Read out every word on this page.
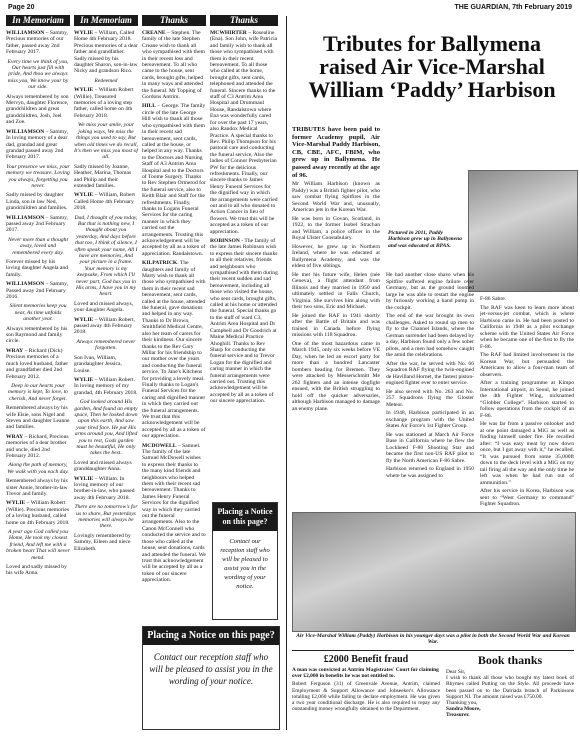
Page 20	THE GUARDIAN, 7th February 2019
In Memoriam	In Memoriam	Thanks	Thanks

WILLIAMSON – Sammy, Precious memories of our father, passed away 2nd February 2017.

Every time we think of you, Our hearts just fill with pride, And thou we always miss you, We know your by our side.

Always remembered by son Mervyn, daughter Florence, grandchildren and great grandchildren, Josh, Joel and Zoe.

WILLIAMSON – Sammy, In loving memory of a dear dad, grandad and great grandad passed away 2nd February 2017.

Your presence we miss, your memory we treasure. Loving you always, forgetting you never.

Sadly missed by daughter Linda, son in law Ned, grandchildren and families.

WILLIAMSON – Sammy, passed away 2nd February 2017.

Never more than a thought away, loved and remembered every day.

Forever missed by his loving daughter Angela and family.

WILLIAMSON – Sammy, Passed away 2nd February 2016.

Silent memories keep you near, As time unfolds another year.

Always remembered by his son Raymond and family circle.

WRAY – Richard (Dick) Precious memories of a much loved husband, father and grandfather died 2nd February 2012.

Deep in our hearts your memory is kept, To love, to cherish, And never forget.

Remembered always by his wife Elsie, sons Nigel and Steven and daughter Leanne and families.

WRAY – Richard, Precious memories of a dear brother and uncle, died 2nd February 2012.

Along the path of memory, We walk with you each day.

Remembered always by his sister Annie, brother-in-law Trevor and family.

WYLIE – William Robert (Willie). Precious memories of a loving husband, called home on 4th February 2018.

A year ago God called you Home, He took my closest friend, And left me with a broken heart That will never mend.

Loved and sadly missed by his wife Anna.

WYLIE – William, Called Home 4th February 2018. Precious memories of a dear father and grandfather. Sadly missed by his daughter Sharon, son-in-law Nicky and grandson Rico.

Redeemed

WYLIE – William Robert (Willie), Treasured memories of a loving step father, called home on 4th February 2018.

We miss your smile, your joking ways, We miss the things you used to say, But when old times we do recall, It's then we miss you most of all.

Sadly missed by Joanne, Heather, Marina, Thomas and Philip and their extended families.

WYLIE – William, Robert Called Home 4th February 2018.

Dad, I thought of you today, But that is nothing new, I thought about you yesterday, And days before that too, I think of silence, I often speak your name, All I have are memories, And your picture in a frame. Your memory is my keepsake, From which I'll never part, God has you in His arms, I have you in my heart.

Loved and missed always, your daughter Angela.

WYLIE – William Robert, passed away 4th February 2018.

Always remembered never forgotten.

Son Ivan, William, grandaughter Jessica, Louise.

WYLIE – William Robert. In loving memory of my grandad, 4th February 2018.

God looked around His garden, And found an empty space, Then he looked down upon this earth, And saw your tired face. He put His arms around you, And lifted you to rest, Gods garden must be beautiful, He only takes the best.

Loved and missed always granddaughter Anna.

WYLIE – William. In loving memory of our brother-in-law, who passed away 4th February 2018.

There are no tomorrow's for us to share, But yesterdays memories will always be there.

Lovingly remembered by Sammy, Eileen and niece Elizabeth.

CREANE – Stephen. The family of the late Stephen Creane wish to thank all who sympathised with them in their recent loss and bereavement. To all who came to the house, sent cards, brought gifts, helped in many ways and attended the funeral. Mr Topping of Gordons Antrim.

HILL – George. The family circle of the late George Hill wish to thank all those who sympathised with them in their recent sad bereavement, sent cards, called at the house, or helped in any way. Thanks to the Doctors and Nursing Staff of A3 Antrim Area Hospital and to the Doctors of Toome Surgery. Thanks to Rev Stephen Ormerod for the funeral service, also to Keith Blair and Staff for the refreshments. Finally, thanks to Logans Funeral Services for the caring manner in which they carried out the arrangements. Trusting this acknowledgement will be accepted by all as a token of appreciation. Randalstown.

KILPATRICK. The daughters and family of Marty wish to thank all those who sympathised with them in their recent sad bereavement, sent cards, called at the house, attended the funeral, gave donations and helped in any way. Thanks to Dr Brown, Smithfield Medical Centre, also her team of carers for their kindness. Our sincere thanks to the Rev Gary Millar for his friendship to our mother over the years and conducting the funeral service. To Jane's Kitchens for providing a lovely meal. Finally thanks to Logan's Funeral Services for the caring and dignified manner in which they carried out the funeral arrangements. We trust that this acknowledgement will be accepted by all as a token of our appreciation.

MCDOWELL – Samuel. The family of the late Samuel McDowell wishes to express their thanks to the many kind friends and neighbours who helped them with their recent sad bereavement. Thanks to James Henry Funeral Services for the dignified way in which they carried out the funeral arrangements. Also to the Canon McConnell who conducted the service and to those who called at the house, sent donations, cards and attended the funeral. We trust this acknowledgement will be accepted by all as a token of our sincere appreciation.

MCWHIRTER – Rosealine (Ena). Son John, wife Patricia and family wish to thank all those who sympathised with them in their recent bereavement. To all those who called at the home, brought gifts, sent cards, telephoned and attended the funeral. Sincere thanks to the staff of C3 Antrim Area Hospital and Drummaul House, Randalstown where Ena was wonderfully cared for over the past 17 years, also Randox Medical Practice. A special thanks to Rev. Philip Thompson for his pastoral care and conducting the funeral service, Also the ladies of Connor Presbyterian PW for the delicious refreshments. Finally, our sincere thanks to James Henry Funeral Services for the dignified way in which the arrangements were carried out and to all who donated to Action Cancer in lieu of flowers. We trust this will be accepted as a token of our appreciation.

ROBINSON - The family of the late James Robinson wish to express their sincere thanks to all their relatives, friends and neighbours who sympathised with them during their recent sudden and sad bereavement, including all those who visited the house, who sent cards, brought gifts, called at his home or attended the funeral. Special thanks go to the staff of ward C3, Antrim Area Hospital and Dr Campbell and Dr Goodrich at Maine Medical Practice Ahoghill. Thanks to Rev Sharp for conducting the funeral service and to Trevor Logan for the dignified and caring manner in which the funeral arrangements were carried out. Trusting this acknowledgement will be accepted by all as a token of our sincere appreciation.

Placing a Notice on this page?
Contact our reception staff who will be pleased to assist you in the wording of your notice.
Placing a Notice on this page?
Contact our reception staff who will be pleased to assist you in the wording of your notice.
Tributes for Ballymena raised Air Vice-Marshal William ‘Paddy’ Harbison
Pictured in 2011, Paddy Harbison grew up in Ballymena and was educated at BPAS.

TRIBUTES have been paid to former Academy pupil, Air Vice-Marshal Paddy Harbison, CB, CBE, AFC, FBIM, who grew up in Ballymena. He passed away recently at the age of 96.

Mr William Harbison (known as Paddy) was a British fighter pilot, who saw combat flying Spitfires in the Second World War and, unusually, American jets in the Korean War.

He was born in Govan, Scotland, in 1922, to the former Isobel Strachan and William, a police officer in the Royal Ulster Constabulary.

However, he grew up in Northern Ireland, where he was educated at Ballymena Academy, and was the eldest of five siblings.

He met his future wife, Helen (née Geneva), a flight attendant from Illinois and they married in 1950 and ultimately settled in Falls Church, Virginia. She survives him along with their two sons, Eric and Michael.

He joined the RAF in 1941 shortly after the Battle of Britain and was trained in Canada before flying missions with 118 Squadron.

One of the most hazardous came in March 1945, only six weeks before VE Day, when he led an escort party for more than a hundred Lancaster bombers heading for Bremen. They were attacked by Messerschmitt Me 262 fighters and an intense dogfight ensued, with the British struggling to hold off the quicker adversaries, although Harbison managed to damage an enemy plane.

He had another close shave when his Spitfire suffered engine failure over Germany, but as the ground loomed large he was able to restart the engine by furiously working a hand pump in the cockpit.

The end of the war brought its own challenges. Asked to round up men to fly to the Channel Islands, where the German surrender had been delayed by a day, Harbison found only a few sober pilots, and a men had somehow caught the amid the celebrations.

After the war, he served with No. 66 Squadron RAF flying the twin-engined de Havilland Hornet, the fastest piston-engined fighter ever to enter service.

He also served with No. 263 and No. 257 Squadrons flying the Gloster Meteor.

In 1948, Harbison participated in an exchange program with the United States Air Force's 1st Fighter Group.

He was stationed at March Air Force Base in California where he flew the Lockheed F-80 Shooting Star and became the first non-US RAF pilot to fly the North American F-86 Sabre.

Harbison returned to England in 1950 where he was assigned to

F-86 Sabre.

The RAF was keen to learn more about jet-versus-jet combat, which is where Harbison came in. He had been posted to California in 1948 as a pilot exchange scheme with the United States Air Force when he became one of the first to fly the F-86.

The RAF had limited involvement in the Korean War, but persuaded the Americans to allow a four-man team of observers.

After a training programme at Kimpo International airport, in Seoul, he joined the 4th Fighter Wing, nicknamed “Globber College”. Harbison started to follow operations from the cockpit of an F-86.

He was far from a passive onlooker and at one point damaged a MiG as well as finding himself under fire. He recalled after: “I was easy meat by now down once, but I got away with it,” he recalled. “It was pursued from some 35,000ft down to the deck level with a MiG on my tail firing all the way and the only time he left was when he had run out of ammunition.”

After his service in Korea, Harbison was sent to “West Germany to command” Fighter Squadron.

Air Vice-Marshal William (Paddy) Harbison in his younger days was a pilot in both the Second World War and Korean War.
£2000 Benefit fraud
A man was convicted at Antrim Magistrates' Court for claiming over £2,000 in benefits he was not entitled to.
Robert Ferguson (31) of Greenvale Avenue, Antrim, claimed Employment & Support Allowance and Jobseeker's Allowance totalling £2,060 while failing to declare employment. He was given a two year conditional discharge. He is also required to repay any outstanding money wrongfully obtained to the Department.
Book thanks
Dear Sir,
I wish to thank all those who bought my latest book of Rhymes called Putting on the Style. All proceeds have been passed on to the Dalriada branch of Parkinsons Support NI. The amount raised was £750.00.
Thanking you,
Sandra Moore,
Treasurer.
